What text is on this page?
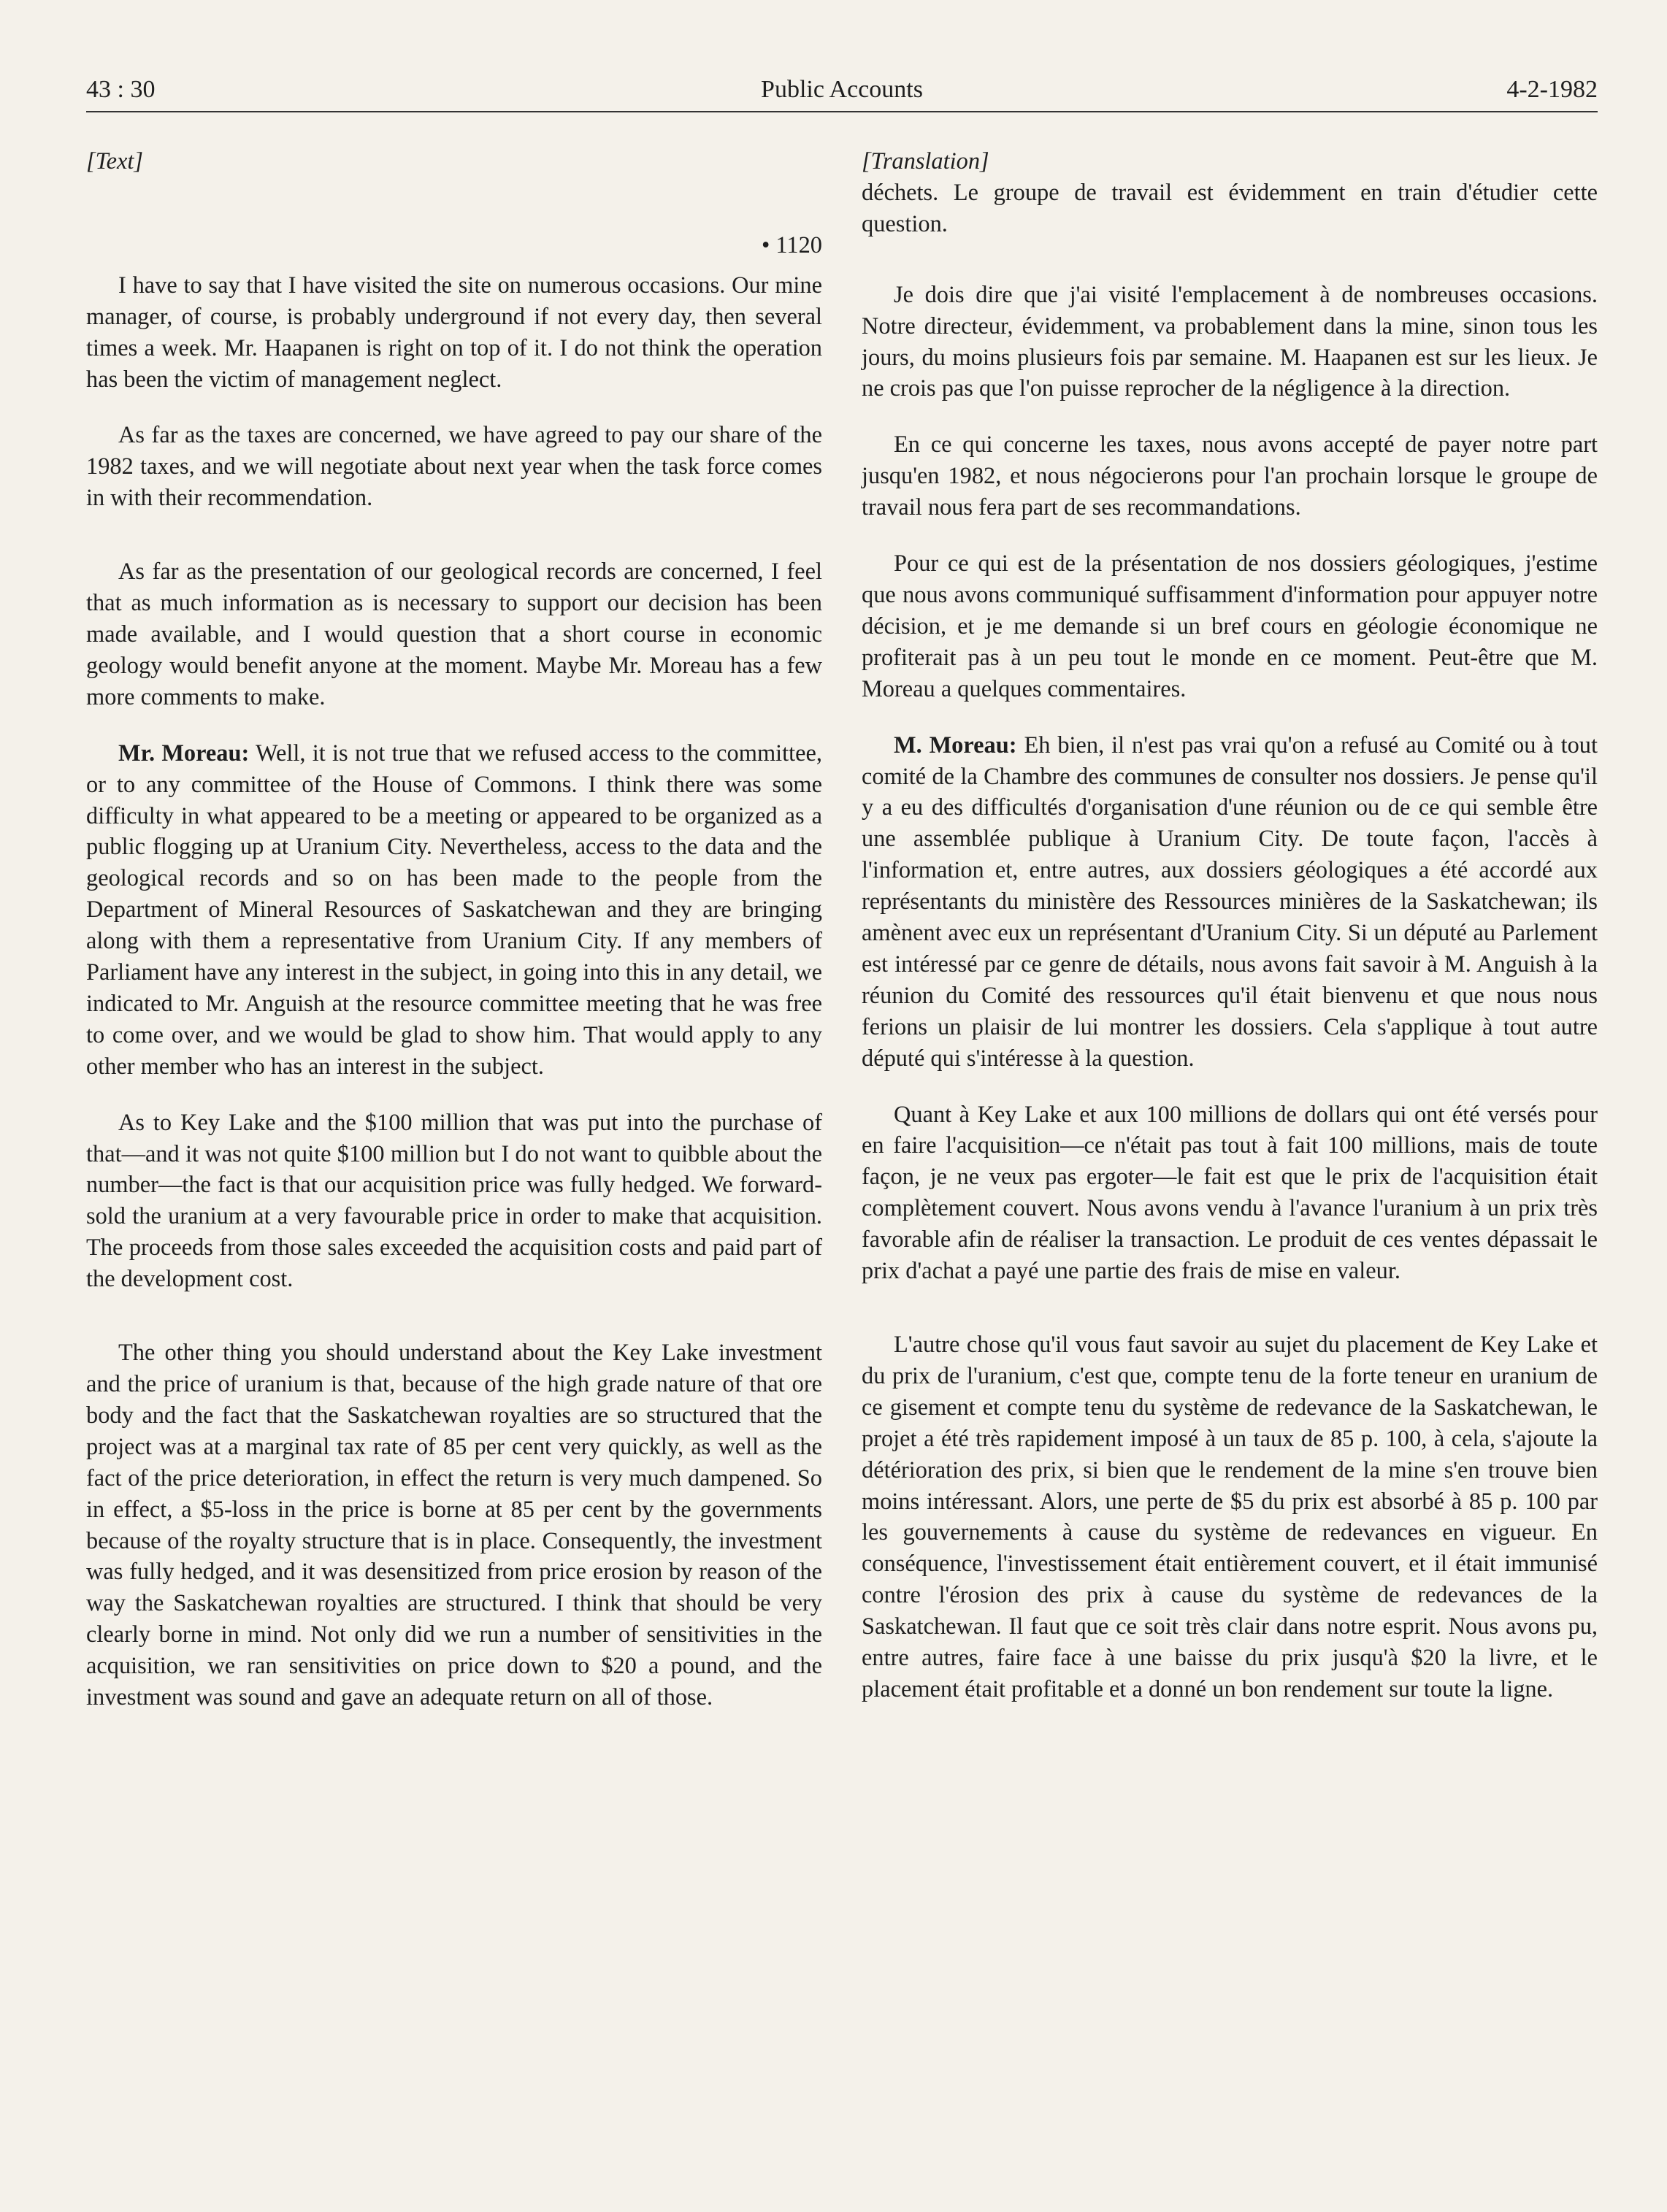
Public Accounts
43 : 30	4-2-1982

[Text]

• 1120

I have to say that I have visited the site on numerous occasions. Our mine manager, of course, is probably underground if not every day, then several times a week. Mr. Haapanen is right on top of it. I do not think the operation has been the victim of management neglect.

As far as the taxes are concerned, we have agreed to pay our share of the 1982 taxes, and we will negotiate about next year when the task force comes in with their recommendation.

As far as the presentation of our geological records are concerned, I feel that as much information as is necessary to support our decision has been made available, and I would question that a short course in economic geology would benefit anyone at the moment. Maybe Mr. Moreau has a few more comments to make.

Mr. Moreau: Well, it is not true that we refused access to the committee, or to any committee of the House of Commons. I think there was some difficulty in what appeared to be a meeting or appeared to be organized as a public flogging up at Uranium City. Nevertheless, access to the data and the geological records and so on has been made to the people from the Department of Mineral Resources of Saskatchewan and they are bringing along with them a representative from Uranium City. If any members of Parliament have any interest in the subject, in going into this in any detail, we indicated to Mr. Anguish at the resource committee meeting that he was free to come over, and we would be glad to show him. That would apply to any other member who has an interest in the subject.

As to Key Lake and the $100 million that was put into the purchase of that—and it was not quite $100 million but I do not want to quibble about the number—the fact is that our acquisition price was fully hedged. We forward-sold the uranium at a very favourable price in order to make that acquisition. The proceeds from those sales exceeded the acquisition costs and paid part of the development cost.

The other thing you should understand about the Key Lake investment and the price of uranium is that, because of the high grade nature of that ore body and the fact that the Saskatchewan royalties are so structured that the project was at a marginal tax rate of 85 per cent very quickly, as well as the fact of the price deterioration, in effect the return is very much dampened. So in effect, a $5-loss in the price is borne at 85 per cent by the governments because of the royalty structure that is in place. Consequently, the investment was fully hedged, and it was desensitized from price erosion by reason of the way the Saskatchewan royalties are structured. I think that should be very clearly borne in mind. Not only did we run a number of sensitivities in the acquisition, we ran sensitivities on price down to $20 a pound, and the investment was sound and gave an adequate return on all of those.

[Translation]

déchets. Le groupe de travail est évidemment en train d'étudier cette question.

Je dois dire que j'ai visité l'emplacement à de nombreuses occasions. Notre directeur, évidemment, va probablement dans la mine, sinon tous les jours, du moins plusieurs fois par semaine. M. Haapanen est sur les lieux. Je ne crois pas que l'on puisse reprocher de la négligence à la direction.

En ce qui concerne les taxes, nous avons accepté de payer notre part jusqu'en 1982, et nous négocierons pour l'an prochain lorsque le groupe de travail nous fera part de ses recommandations.

Pour ce qui est de la présentation de nos dossiers géologiques, j'estime que nous avons communiqué suffisamment d'information pour appuyer notre décision, et je me demande si un bref cours en géologie économique ne profiterait pas à un peu tout le monde en ce moment. Peut-être que M. Moreau a quelques commentaires.

M. Moreau: Eh bien, il n'est pas vrai qu'on a refusé au Comité ou à tout comité de la Chambre des communes de consulter nos dossiers. Je pense qu'il y a eu des difficultés d'organisation d'une réunion ou de ce qui semble être une assemblée publique à Uranium City. De toute façon, l'accès à l'information et, entre autres, aux dossiers géologiques a été accordé aux représentants du ministère des Ressources minières de la Saskatchewan; ils amènent avec eux un représentant d'Uranium City. Si un député au Parlement est intéressé par ce genre de détails, nous avons fait savoir à M. Anguish à la réunion du Comité des ressources qu'il était bienvenu et que nous nous ferions un plaisir de lui montrer les dossiers. Cela s'applique à tout autre député qui s'intéresse à la question.

Quant à Key Lake et aux 100 millions de dollars qui ont été versés pour en faire l'acquisition—ce n'était pas tout à fait 100 millions, mais de toute façon, je ne veux pas ergoter—le fait est que le prix de l'acquisition était complètement couvert. Nous avons vendu à l'avance l'uranium à un prix très favorable afin de réaliser la transaction. Le produit de ces ventes dépassait le prix d'achat a payé une partie des frais de mise en valeur.

L'autre chose qu'il vous faut savoir au sujet du placement de Key Lake et du prix de l'uranium, c'est que, compte tenu de la forte teneur en uranium de ce gisement et compte tenu du système de redevance de la Saskatchewan, le projet a été très rapidement imposé à un taux de 85 p. 100, à cela, s'ajoute la détérioration des prix, si bien que le rendement de la mine s'en trouve bien moins intéressant. Alors, une perte de $5 du prix est absorbé à 85 p. 100 par les gouvernements à cause du système de redevances en vigueur. En conséquence, l'investissement était entièrement couvert, et il était immunisé contre l'érosion des prix à cause du système de redevances de la Saskatchewan. Il faut que ce soit très clair dans notre esprit. Nous avons pu, entre autres, faire face à une baisse du prix jusqu'à $20 la livre, et le placement était profitable et a donné un bon rendement sur toute la ligne.
